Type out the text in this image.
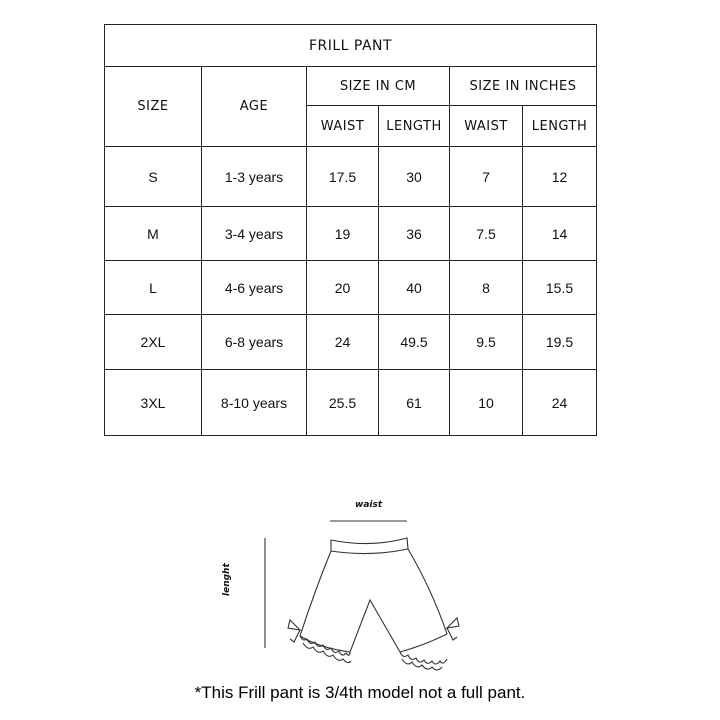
FRILL PANT					
SIZE	AGE	SIZE IN CM		SIZE IN INCHES	
		WAIST	LENGTH	WAIST	LENGTH
S	1-3 years	17.5	30	7	12
M	3-4 years	19	36	7.5	14
L	4-6 years	20	40	8	15.5
2XL	6-8 years	24	49.5	9.5	19.5
3XL	8-10 years	25.5	61	10	24
waist
lenght
*This Frill pant is 3/4th model not a full pant.
